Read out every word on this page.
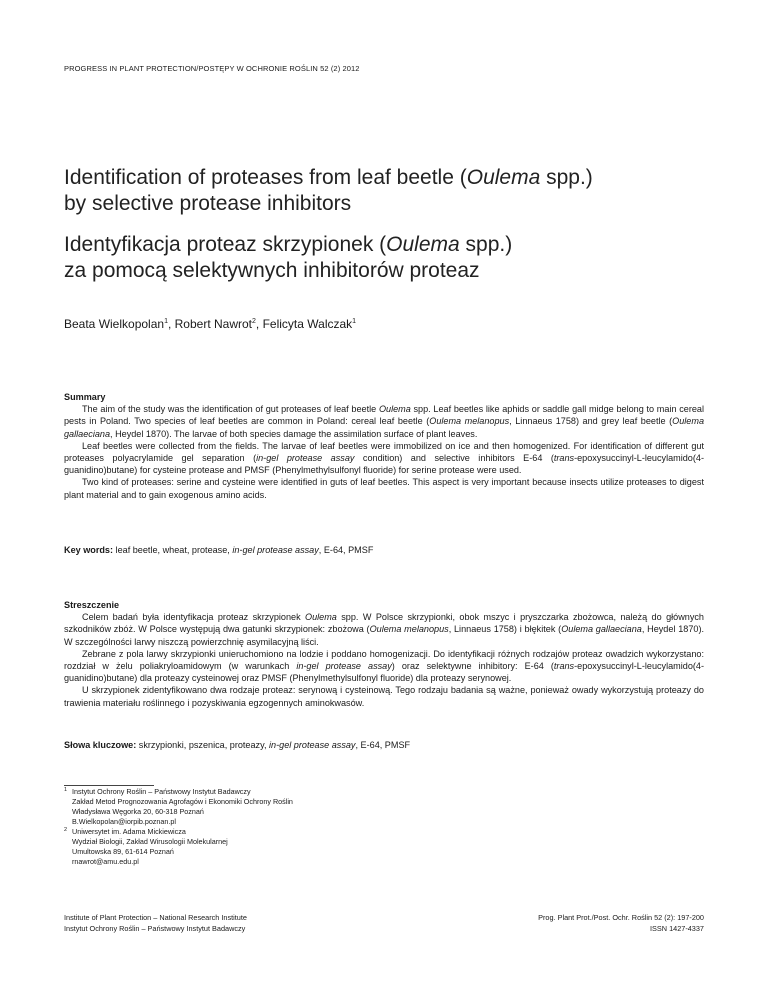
PROGRESS IN PLANT PROTECTION/POSTĘPY W OCHRONIE ROŚLIN 52 (2) 2012
Identification of proteases from leaf beetle (Oulema spp.)
by selective protease inhibitors
Identyfikacja proteaz skrzypionek (Oulema spp.)
za pomocą selektywnych inhibitorów proteaz
Beata Wielkopolan$^1$, Robert Nawrot$^2$, Felicyta Walczak$^1$
Summary

The aim of the study was the identification of gut proteases of leaf beetle Oulema spp. Leaf beetles like aphids or saddle gall midge belong to main cereal pests in Poland. Two species of leaf beetles are common in Poland: cereal leaf beetle (Oulema melanopus, Linnaeus 1758) and grey leaf beetle (Oulema gallaeciana, Heydel 1870). The larvae of both species damage the assimilation surface of plant leaves.

Leaf beetles were collected from the fields. The larvae of leaf beetles were immobilized on ice and then homogenized. For identification of different gut proteases polyacrylamide gel separation (in-gel protease assay condition) and selective inhibitors E-64 (trans-epoxysuccinyl-L-leucylamido(4-guanidino)butane) for cysteine protease and PMSF (Phenylmethylsulfonyl fluoride) for serine protease were used.

Two kind of proteases: serine and cysteine were identified in guts of leaf beetles. This aspect is very important because insects utilize proteases to digest plant material and to gain exogenous amino acids.

Key words: leaf beetle, wheat, protease, in-gel protease assay, E-64, PMSF
Streszczenie

Celem badań była identyfikacja proteaz skrzypionek Oulema spp. W Polsce skrzypionki, obok mszyc i pryszczarka zbożowca, należą do głównych szkodników zbóż. W Polsce występują dwa gatunki skrzypionek: zbożowa (Oulema melanopus, Linnaeus 1758) i błękitek (Oulema gallaeciana, Heydel 1870). W szczególności larwy niszczą powierzchnię asymilacyjną liści.

Zebrane z pola larwy skrzypionki unieruchomiono na lodzie i poddano homogenizacji. Do identyfikacji różnych rodzajów proteaz owadzich wykorzystano: rozdział w żelu poliakryloamidowym (w warunkach in-gel protease assay) oraz selektywne inhibitory: E-64 (trans-epoxysuccinyl-L-leucylamido(4-guanidino)butane) dla proteazy cysteinowej oraz PMSF (Phenylmethylsulfonyl fluoride) dla proteazy serynowej.

U skrzypionek zidentyfikowano dwa rodzaje proteaz: serynową i cysteinową. Tego rodzaju badania są ważne, ponieważ owady wykorzystują proteazy do trawienia materiału roślinnego i pozyskiwania egzogennych aminokwasów.

Słowa kluczowe: skrzypionki, pszenica, proteazy, in-gel protease assay, E-64, PMSF
1 Instytut Ochrony Roślin – Państwowy Instytut Badawczy
Zakład Metod Prognozowania Agrofagów i Ekonomiki Ochrony Roślin
Władysława Węgorka 20, 60-318 Poznań
B.Wielkopolan@iorpib.poznan.pl
2 Uniwersytet im. Adama Mickiewicza
Wydział Biologii, Zakład Wirusologii Molekularnej
Umultowska 89, 61-614 Poznań
rnawrot@amu.edu.pl
Institute of Plant Protection – National Research Institute
Instytut Ochrony Roślin – Państwowy Instytut Badawczy
Prog. Plant Prot./Post. Ochr. Roślin 52 (2): 197-200
ISSN 1427-4337
